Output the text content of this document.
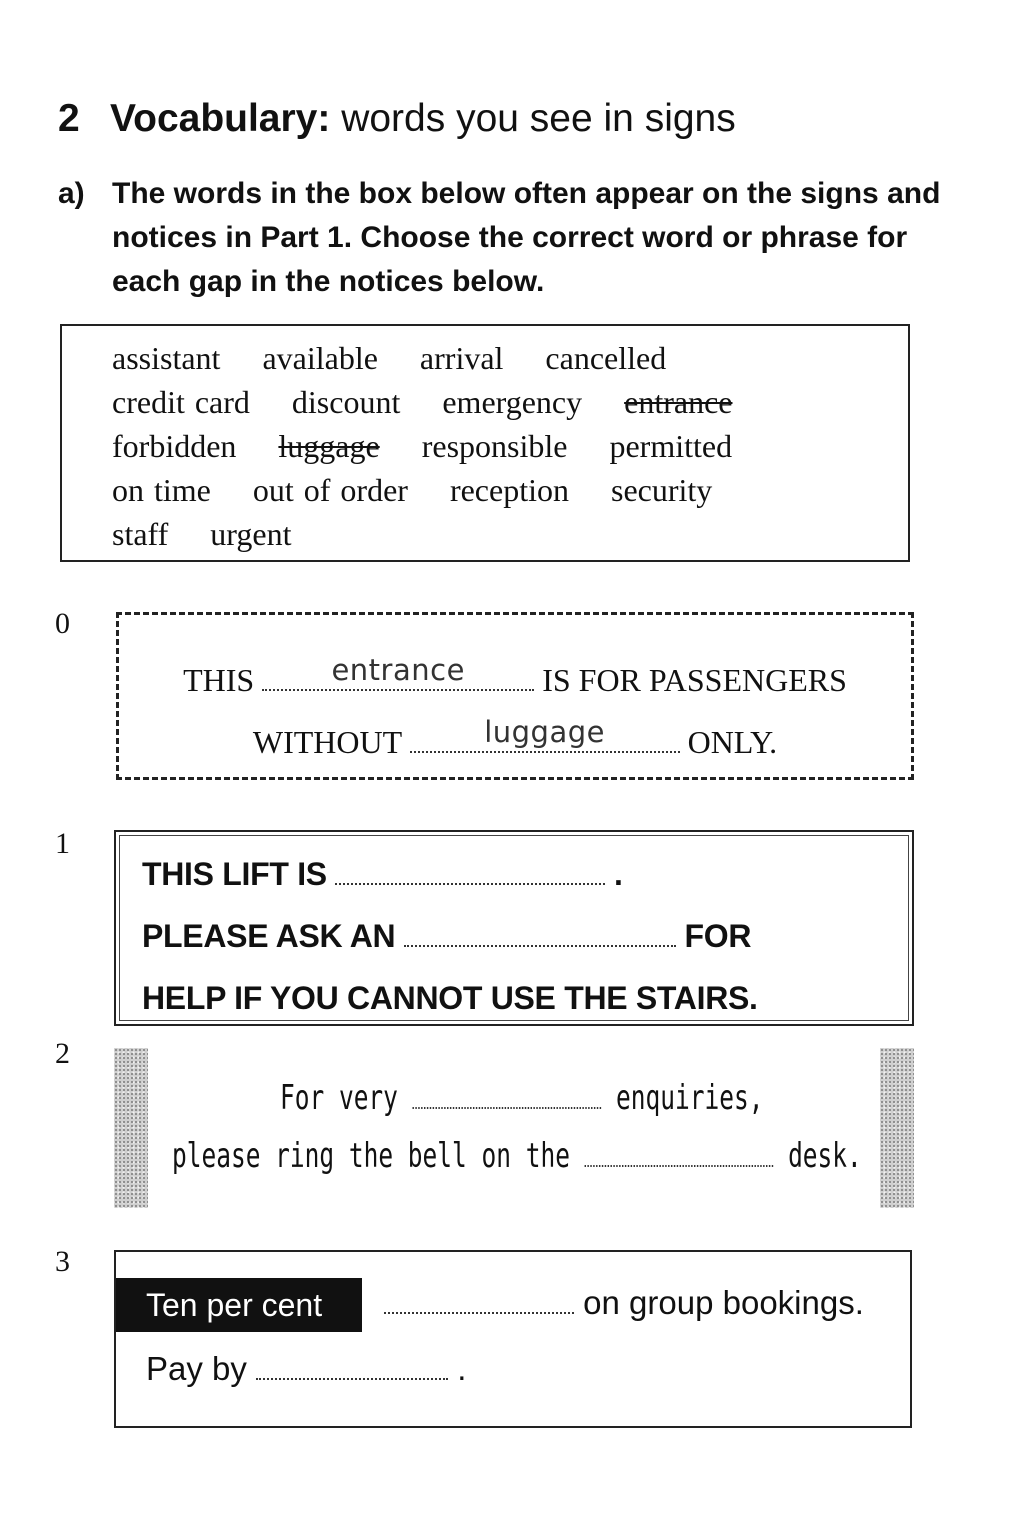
2 Vocabulary: words you see in signs
a) The words in the box below often appear on the signs and notices in Part 1. Choose the correct word or phrase for each gap in the notices below.
assistant available arrival cancelled
credit card discount emergency entrance
forbidden luggage responsible permitted
on time out of order reception security
staff urgent
0
THIS	entrance	IS FOR PASSENGERS
WITHOUT	luggage	ONLY.
1
THIS LIFT IS	.
PLEASE ASK AN	FOR
HELP IF YOU CANNOT USE THE STAIRS.
2
For very	enquiries,
please ring the bell on the	desk.
3
Ten per cent	on group bookings.
Pay by	.
